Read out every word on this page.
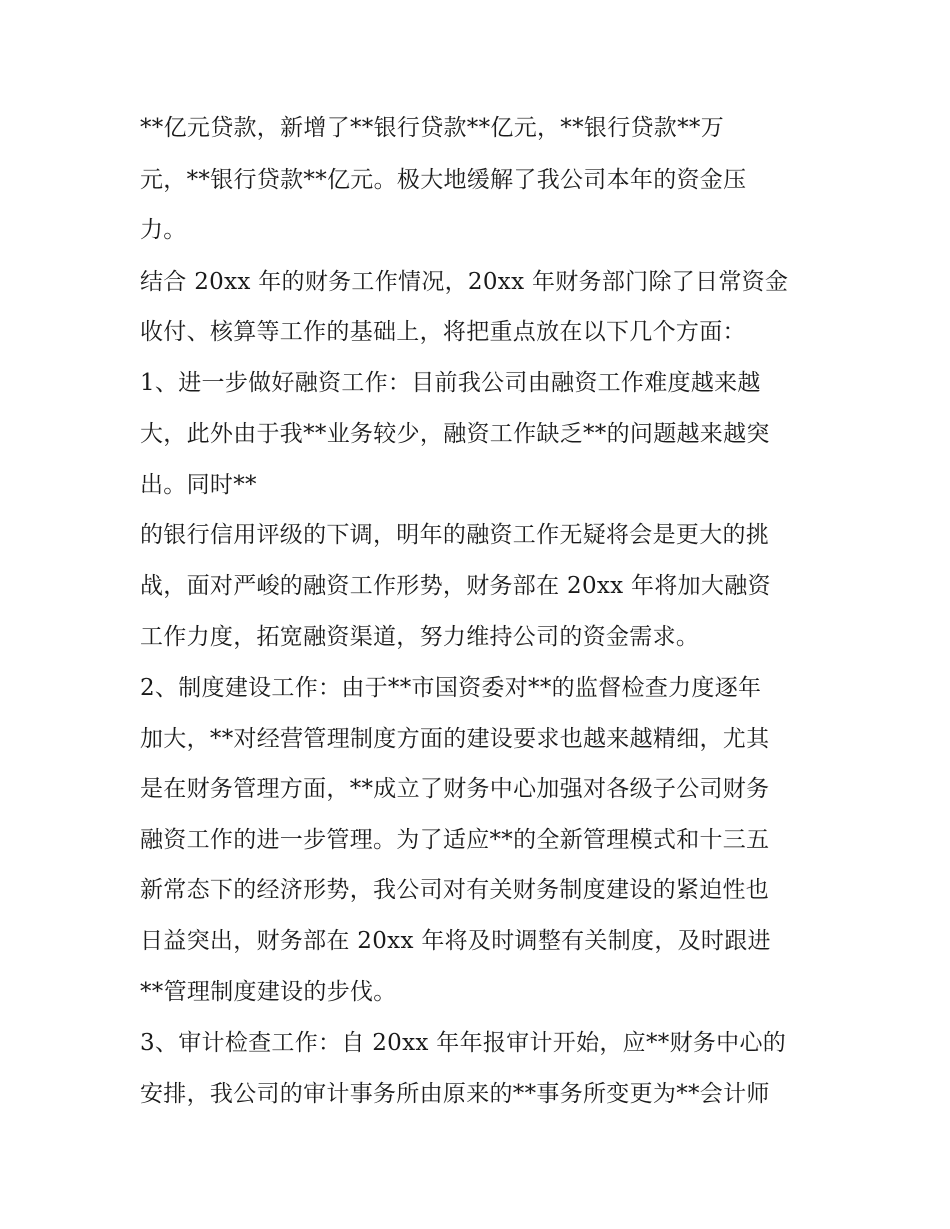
**亿元贷款，新增了**银行贷款**亿元，**银行贷款**万
元，**银行贷款**亿元。极大地缓解了我公司本年的资金压
力。
结合 20xx 年的财务工作情况，20xx 年财务部门除了日常资金
收付、核算等工作的基础上，将把重点放在以下几个方面：
1、进一步做好融资工作：目前我公司由融资工作难度越来越
大，此外由于我**业务较少，融资工作缺乏**的问题越来越突
出。同时**
的银行信用评级的下调，明年的融资工作无疑将会是更大的挑
战，面对严峻的融资工作形势，财务部在 20xx 年将加大融资
工作力度，拓宽融资渠道，努力维持公司的资金需求。
2、制度建设工作：由于**市国资委对**的监督检查力度逐年
加大，**对经营管理制度方面的建设要求也越来越精细，尤其
是在财务管理方面，**成立了财务中心加强对各级子公司财务
融资工作的进一步管理。为了适应**的全新管理模式和十三五
新常态下的经济形势，我公司对有关财务制度建设的紧迫性也
日益突出，财务部在 20xx 年将及时调整有关制度，及时跟进
**管理制度建设的步伐。
3、审计检查工作：自 20xx 年年报审计开始，应**财务中心的
安排，我公司的审计事务所由原来的**事务所变更为**会计师
